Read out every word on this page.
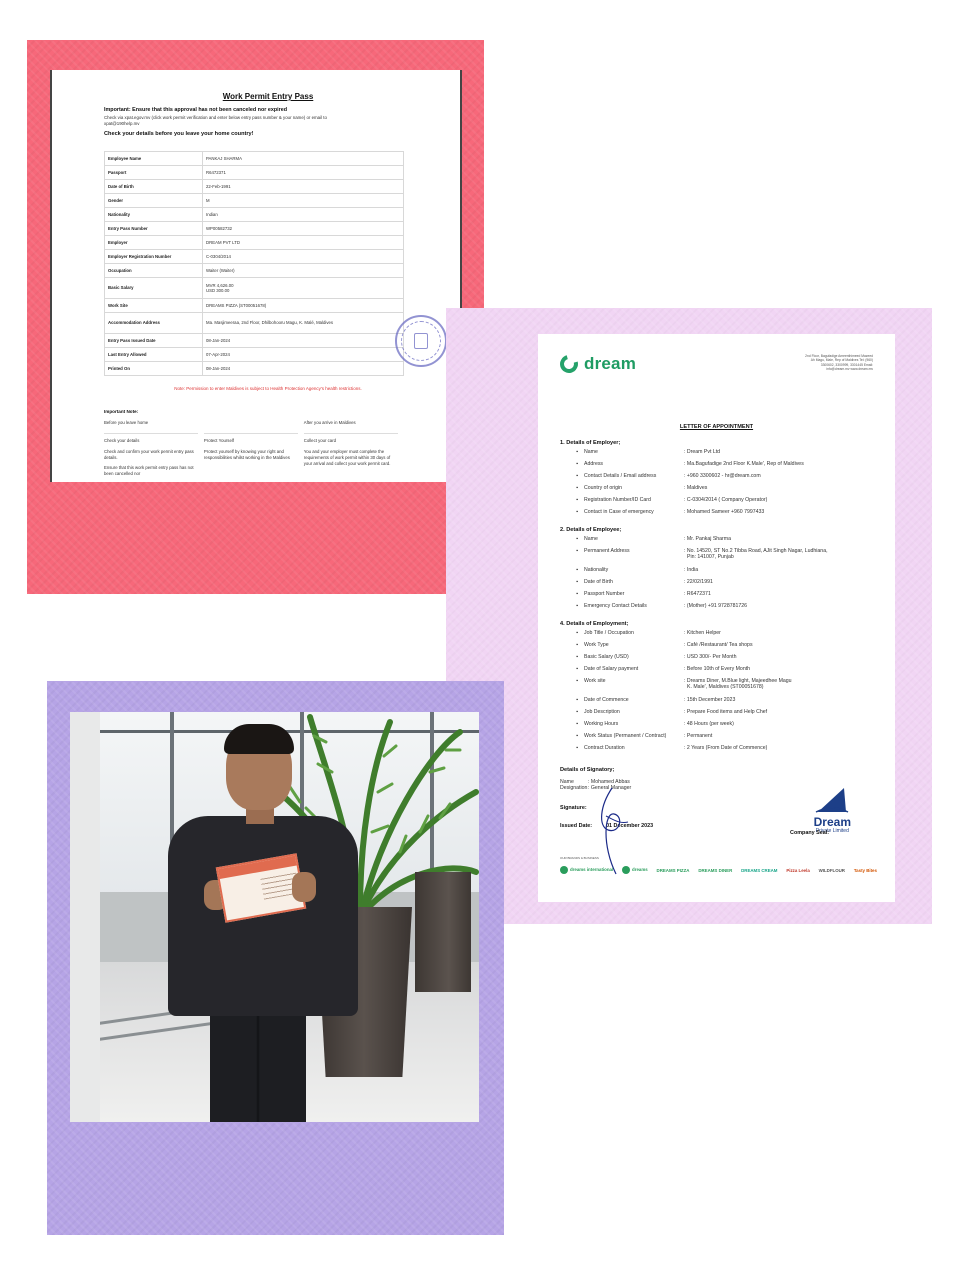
Work Permit Entry Pass
Important: Ensure that this approval has not been canceled nor expired
Check via xpat.egov.mv (click work permit verification and enter below entry pass number & your name) or email to xpat@190help.mv
Check your details before you leave your home country!
Employee Name	PANKAJ SHARMA

Passport	R6472371

Date of Birth	22-Feb-1991

Gender	M

Nationality	Indian

Entry Pass Number	WP00582732

Employer	DREAM PVT LTD

Employer Registration Number	C-0304/2014

Occupation	Waiter (Waiter)

Basic Salary	MVR 4,626.00
USD 300.00

Work Site	DREAMS PIZZA (ST00051678)

Accommodation Address	Ma. Masjimeeraa, 2nd Floor, Dhilbohooru Magu, K. Malé, Maldives

Entry Pass Issued Date	08-Jan-2024

Last Entry Allowed	07-Apr-2024

Printed On	08-Jan-2024
Note: Permission to enter Maldives is subject to Health Protection Agency's health restrictions.
Important Note:
Before you leave home
Check your details
Check and confirm your work permit entry pass details.
Ensure that this work permit entry pass has not been cancelled nor
Protect Yourself
Protect yourself by knowing your right and responsibilities whilst working in the Maldives
After you arrive in Maldives
Collect your card
You and your employer must complete the requirements of work permit within 30 days of your arrival and collect your work permit card.
dream	2nd Floor, Bagufadige Ameenthimeed Mazeed Ah Magu, Male, Rep of Maldives Tel: (960) 3300602, 3300999, 3301445 Email: info@dream.mv www.dream.mv
LETTER OF APPOINTMENT
1. Details of Employer;
▪	Name	: Dream Pvt Ltd
▪	Address	: Ma.Bagufadige 2nd Floor K.Male', Rep of Maldives
▪	Contact Details / Email address	: +960 3300602 - hr@dream.com
▪	Country of origin	: Maldives
▪	Registration Number/ID Card	: C-0304/2014 ( Company Operator)
▪	Contact in Case of emergency	: Mohamed Sameer +960 7997433
2. Details of Employee;
▪	Name	: Mr. Pankaj Sharma
▪	Permanent Address	: No. 14520, ST No.2 Tibba Road, AJit Singh Nagar, Ludhiana,
Pin: 141007, Punjab
▪	Nationality	: India
▪	Date of Birth	: 22/02/1991
▪	Passport Number	: R6472371
▪	Emergency Contact Details	: (Mother) +91 9728781726
4. Details of Employment;
▪	Job Title / Occupation	: Kitchen Helper
▪	Work Type	: Café /Restaurant/ Tea shops
▪	Basic Salary (USD)	: USD 300/- Per Month
▪	Date of Salary payment	: Before 10th of Every Month
▪	Work site	: Dreams Diner, M.Blue light, Majeedhee Magu
K. Male', Maldives (ST00051678)
▪	Date of Commence	: 15th December 2023
▪	Job Description	: Prepare Food items and Help Chef
▪	Working Hours	: 48 Hours (per week)
▪	Work Status (Permanent / Contract)	: Permanent
▪	Contract Duration	: 2 Years (From Date of Commence)
Details of Signatory;
Name	: Mohamed Abbas
Designation : General Manager
Signature:
Issued Date:	01 December 2023	Dream
Private Limited
Company Seal:
OUR BRANDS & BUSINESS
dreams international	dreams DREAMS PIZZA DREAMS DINER DREAMS CREAM Pizza Leela WILDFLOUR Tasty Bites
